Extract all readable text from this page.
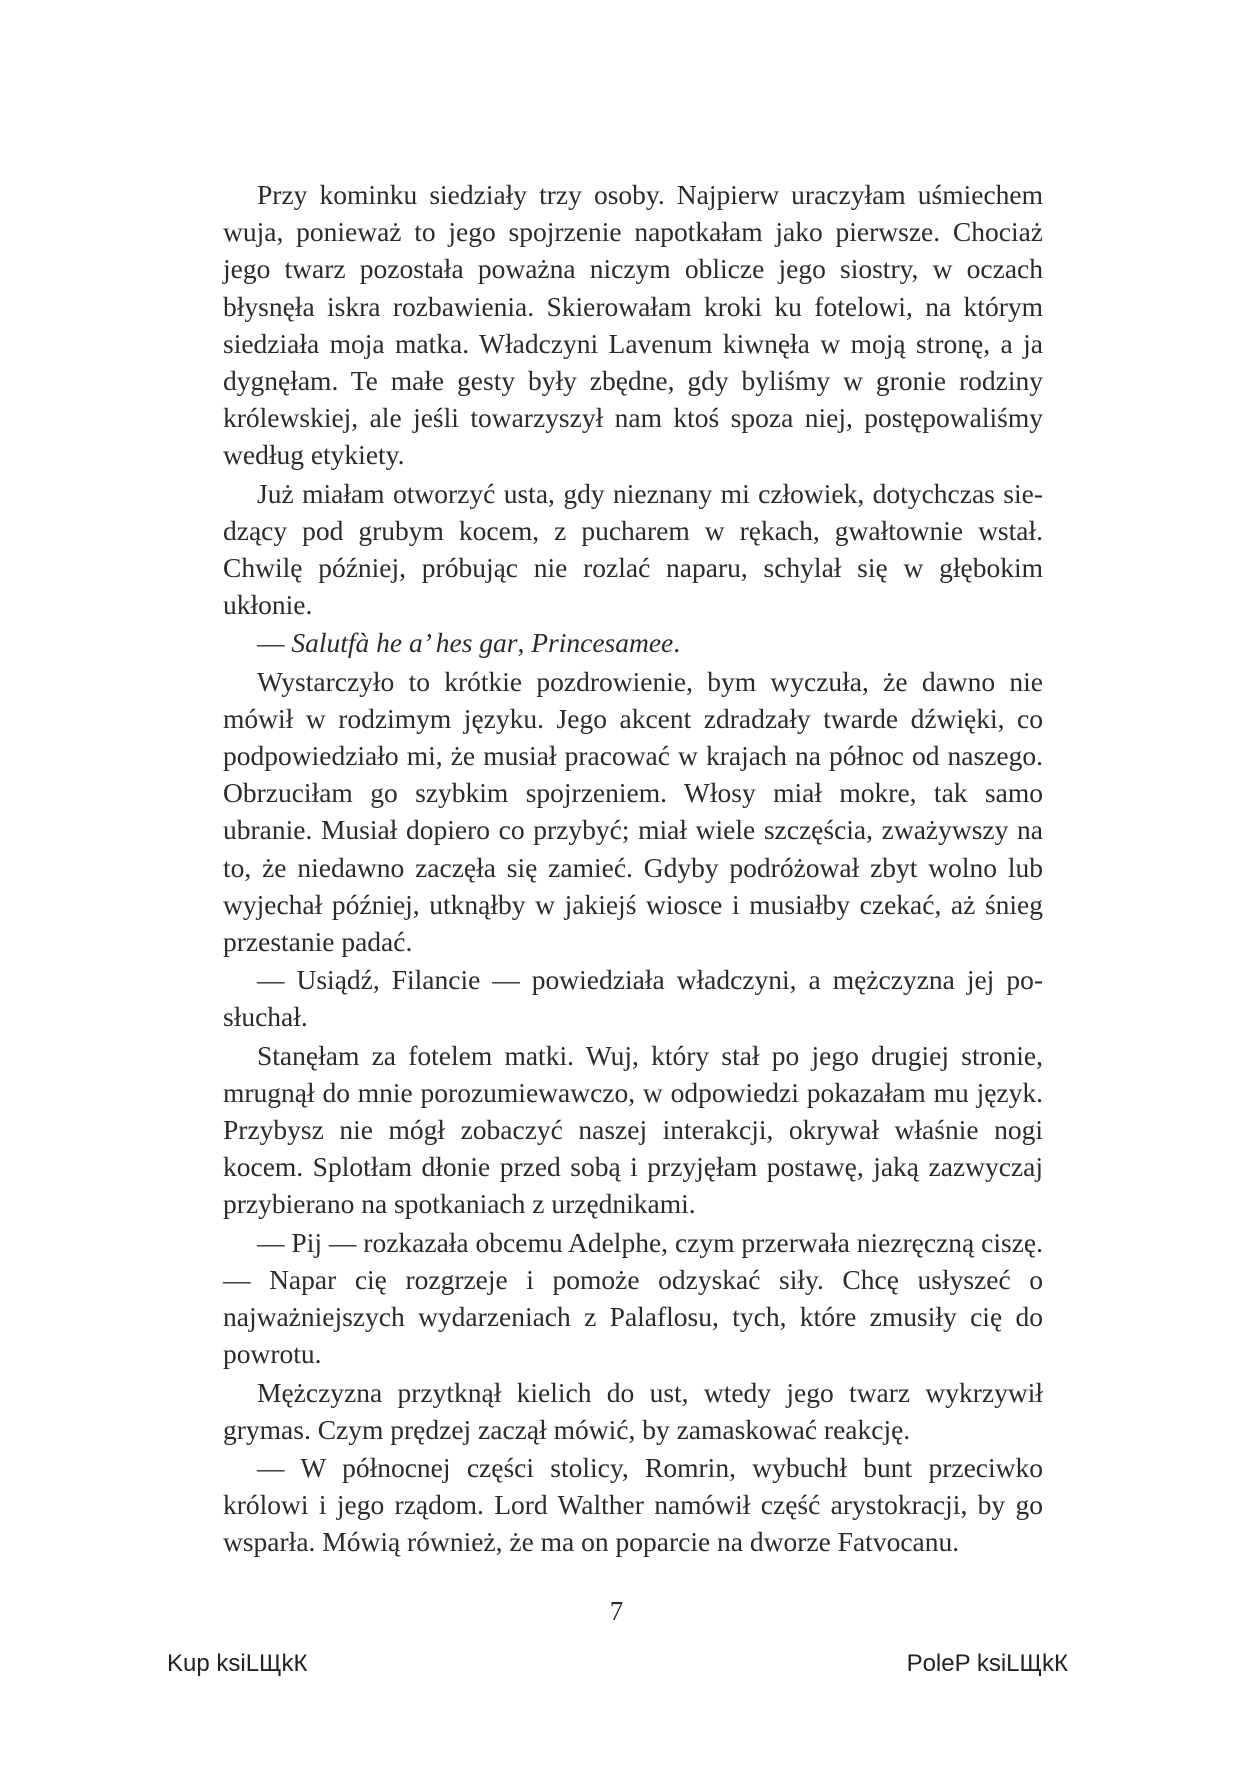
Przy kominku siedziały trzy osoby. Najpierw uraczyłam uśmiechem wuja, ponieważ to jego spojrzenie napotkałam jako pierwsze. Chociaż jego twarz pozostała poważna niczym oblicze jego siostry, w oczach błysnęła iskra rozbawienia. Skierowałam kroki ku fotelowi, na którym siedziała moja matka. Władczyni Lavenum kiwnęła w moją stronę, a ja dygnęłam. Te małe gesty były zbędne, gdy byliśmy w gronie rodziny królewskiej, ale jeśli towarzyszył nam ktoś spoza niej, postępowaliśmy według etykiety.

Już miałam otworzyć usta, gdy nieznany mi człowiek, dotychczas siedzący pod grubym kocem, z pucharem w rękach, gwałtownie wstał. Chwilę później, próbując nie rozlać naparu, schylał się w głębokim ukłonie.

— Salutfà he a’ hes gar, Princesamee.

Wystarczyło to krótkie pozdrowienie, bym wyczuła, że dawno nie mówił w rodzimym języku. Jego akcent zdradzały twarde dźwięki, co podpowiedziało mi, że musiał pracować w krajach na północ od naszego. Obrzuciłam go szybkim spojrzeniem. Włosy miał mokre, tak samo ubranie. Musiał dopiero co przybyć; miał wiele szczęścia, zważywszy na to, że niedawno zaczęła się zamieć. Gdyby podróżował zbyt wolno lub wyjechał później, utknąłby w jakiejś wiosce i musiałby czekać, aż śnieg przestanie padać.

— Usiądź, Filancie — powiedziała władczyni, a mężczyzna jej posłuchał.

Stanęłam za fotelem matki. Wuj, który stał po jego drugiej stronie, mrugnął do mnie porozumiewawczo, w odpowiedzi pokazałam mu język. Przybysz nie mógł zobaczyć naszej interakcji, okrywał właśnie nogi kocem. Splotłam dłonie przed sobą i przyjęłam postawę, jaką zazwyczaj przybierano na spotkaniach z urzędnikami.

— Pij — rozkazała obcemu Adelphe, czym przerwała niezręczną ciszę. — Napar cię rozgrzeje i pomoże odzyskać siły. Chcę usłyszeć o najważniejszych wydarzeniach z Palaflosu, tych, które zmusiły cię do powrotu.

Mężczyzna przytknął kielich do ust, wtedy jego twarz wykrzywił grymas. Czym prędzej zaczął mówić, by zamaskować reakcję.

— W północnej części stolicy, Romrin, wybuchł bunt przeciwko królowi i jego rządom. Lord Walther namówił część arystokracji, by go wsparła. Mówią również, że ma on poparcie na dworze Fatvocanu.

7
Kup ksiLЩkК	PoleP ksiLЩkК
